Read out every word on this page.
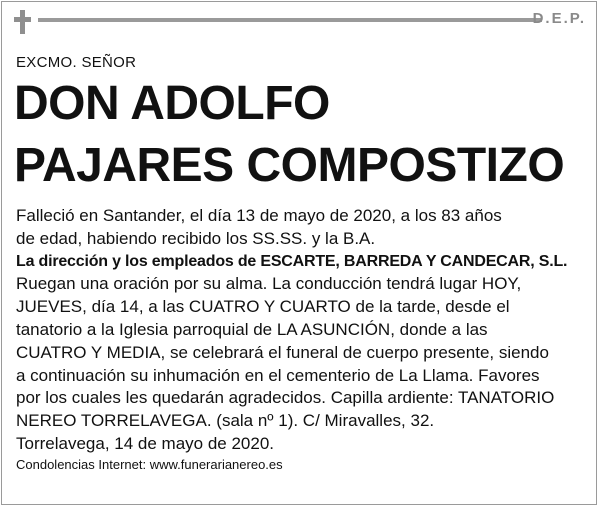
D.E.P.
EXCMO. SEÑOR
DON ADOLFO
PAJARES COMPOSTIZO

Falleció en Santander, el día 13 de mayo de 2020, a los 83 años

de edad, habiendo recibido los SS.SS. y la B.A.

La dirección y los empleados de ESCARTE, BARREDA Y CANDECAR, S.L.

Ruegan una oración por su alma. La conducción tendrá lugar HOY,

JUEVES, día 14, a las CUATRO Y CUARTO de la tarde, desde el

tanatorio a la Iglesia parroquial de LA ASUNCIÓN, donde a las

CUATRO Y MEDIA, se celebrará el funeral de cuerpo presente, siendo

a continuación su inhumación en el cementerio de La Llama. Favores

por los cuales les quedarán agradecidos. Capilla ardiente: TANATORIO

NEREO TORRELAVEGA. (sala nº 1). C/ Miravalles, 32.

Torrelavega, 14 de mayo de 2020.

Condolencias Internet: www.funerarianereo.es
